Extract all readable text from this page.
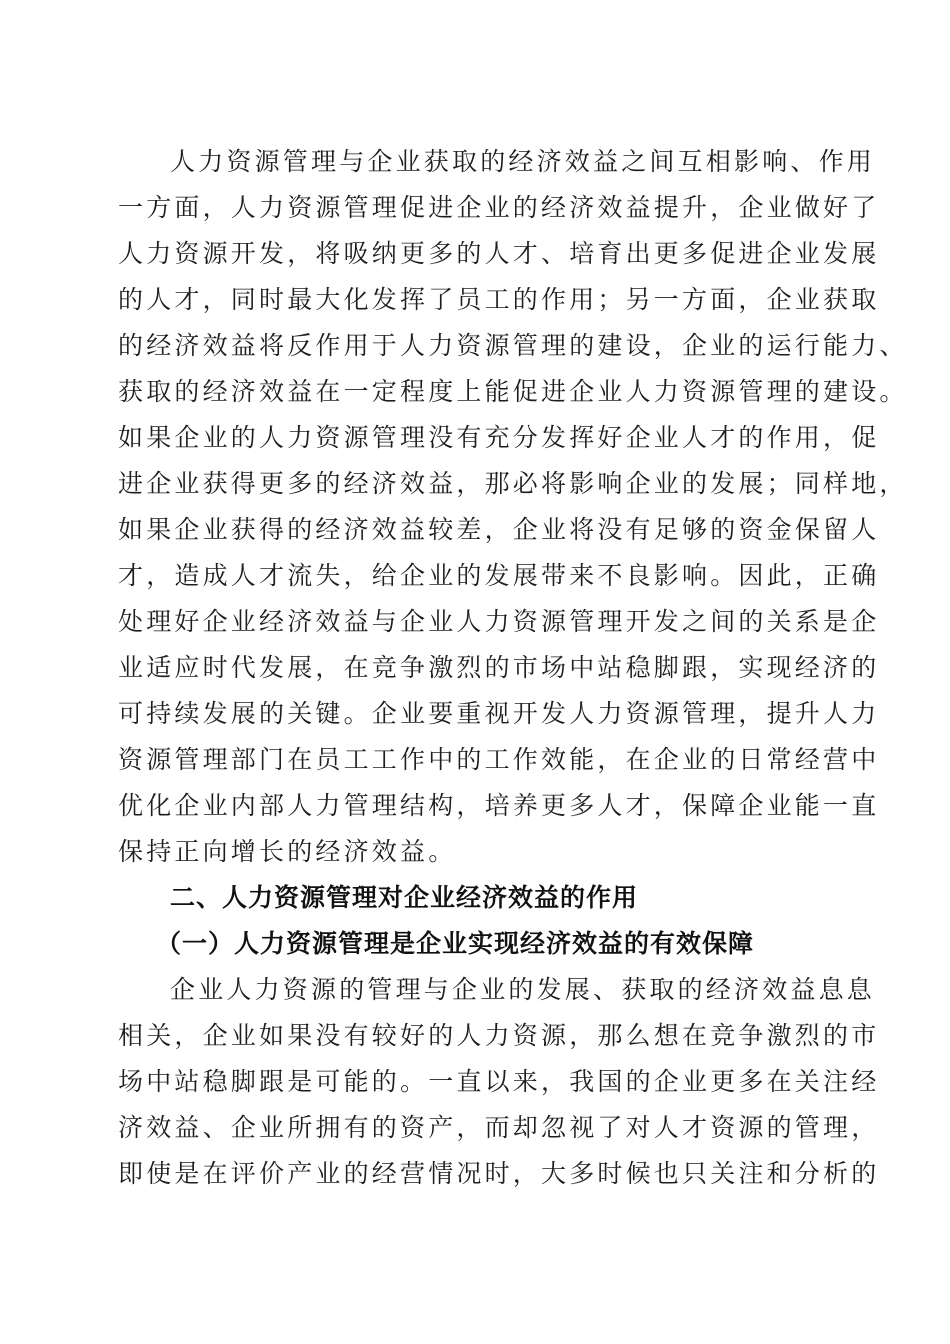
人力资源管理与企业获取的经济效益之间互相影响、作用
一方面，人力资源管理促进企业的经济效益提升，企业做好了
人力资源开发，将吸纳更多的人才、培育出更多促进企业发展
的人才，同时最大化发挥了员工的作用；另一方面，企业获取
的经济效益将反作用于人力资源管理的建设，企业的运行能力、
获取的经济效益在一定程度上能促进企业人力资源管理的建设。
如果企业的人力资源管理没有充分发挥好企业人才的作用，促
进企业获得更多的经济效益，那必将影响企业的发展；同样地，
如果企业获得的经济效益较差，企业将没有足够的资金保留人
才，造成人才流失，给企业的发展带来不良影响。因此，正确
处理好企业经济效益与企业人力资源管理开发之间的关系是企
业适应时代发展，在竞争激烈的市场中站稳脚跟，实现经济的
可持续发展的关键。企业要重视开发人力资源管理，提升人力
资源管理部门在员工工作中的工作效能，在企业的日常经营中
优化企业内部人力管理结构，培养更多人才，保障企业能一直
保持正向增长的经济效益。
二、人力资源管理对企业经济效益的作用
（一）人力资源管理是企业实现经济效益的有效保障
企业人力资源的管理与企业的发展、获取的经济效益息息
相关，企业如果没有较好的人力资源，那么想在竞争激烈的市
场中站稳脚跟是可能的。一直以来，我国的企业更多在关注经
济效益、企业所拥有的资产，而却忽视了对人才资源的管理，
即使是在评价产业的经营情况时，大多时候也只关注和分析的
